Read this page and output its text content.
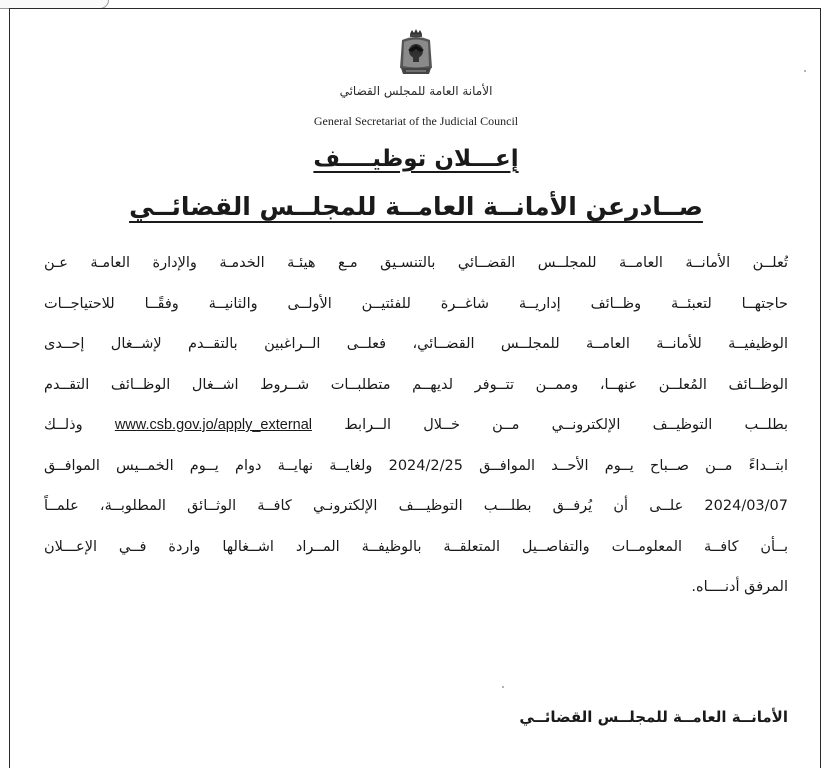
الأمانة العامة للمجلس القضائي
General Secretariat of the Judicial Council
إعـــلان توظيــــف
صــادرعن الأمانــة العامــة للمجلــس القضائــي
تُعلــن الأمانــة العامــة للمجلــس القضــائي بالتنسـيق مـع هيئـة الخدمـة والإدارة العامـة عـن
حاجتهــا لتعبئــة وظــائف إداريــة شاغــرة للفئتيــن الأولــى والثانيــة وفقًــا للاحتياجــات
الوظيفيــة للأمانــة العامــة للمجلــس القضــائي، فعلــى الــراغبين بالتقــدم لإشــغال إحــدى
الوظــائف المُعلــن عنهــا، وممــن تتــوفر لديهــم متطلبــات شــروط اشــغال الوظــائف التقــدم
بطلــب التوظيــف الإلكترونــي مــن خــلال الــرابط www.csb.gov.jo/apply_external وذلــك
ابتــداءً مــن صــباح يــوم الأحــد الموافــق 2024/2/25 ولغايــة نهايــة دوام يــوم الخمــيس الموافــق
2024/03/07 علــى أن يُرفــق بطلـــب التوظيـــف الإلكترونـي كافــة الوثــائق المطلوبــة، علمــاً
بــأن كافــة المعلومــات والتفاصــيل المتعلقــة بالوظيفــة المــراد اشــغالها واردة فــي الإعـــلان
المرفق أدنــــاه.
الأمانــة العامــة للمجلــس القضائــي
